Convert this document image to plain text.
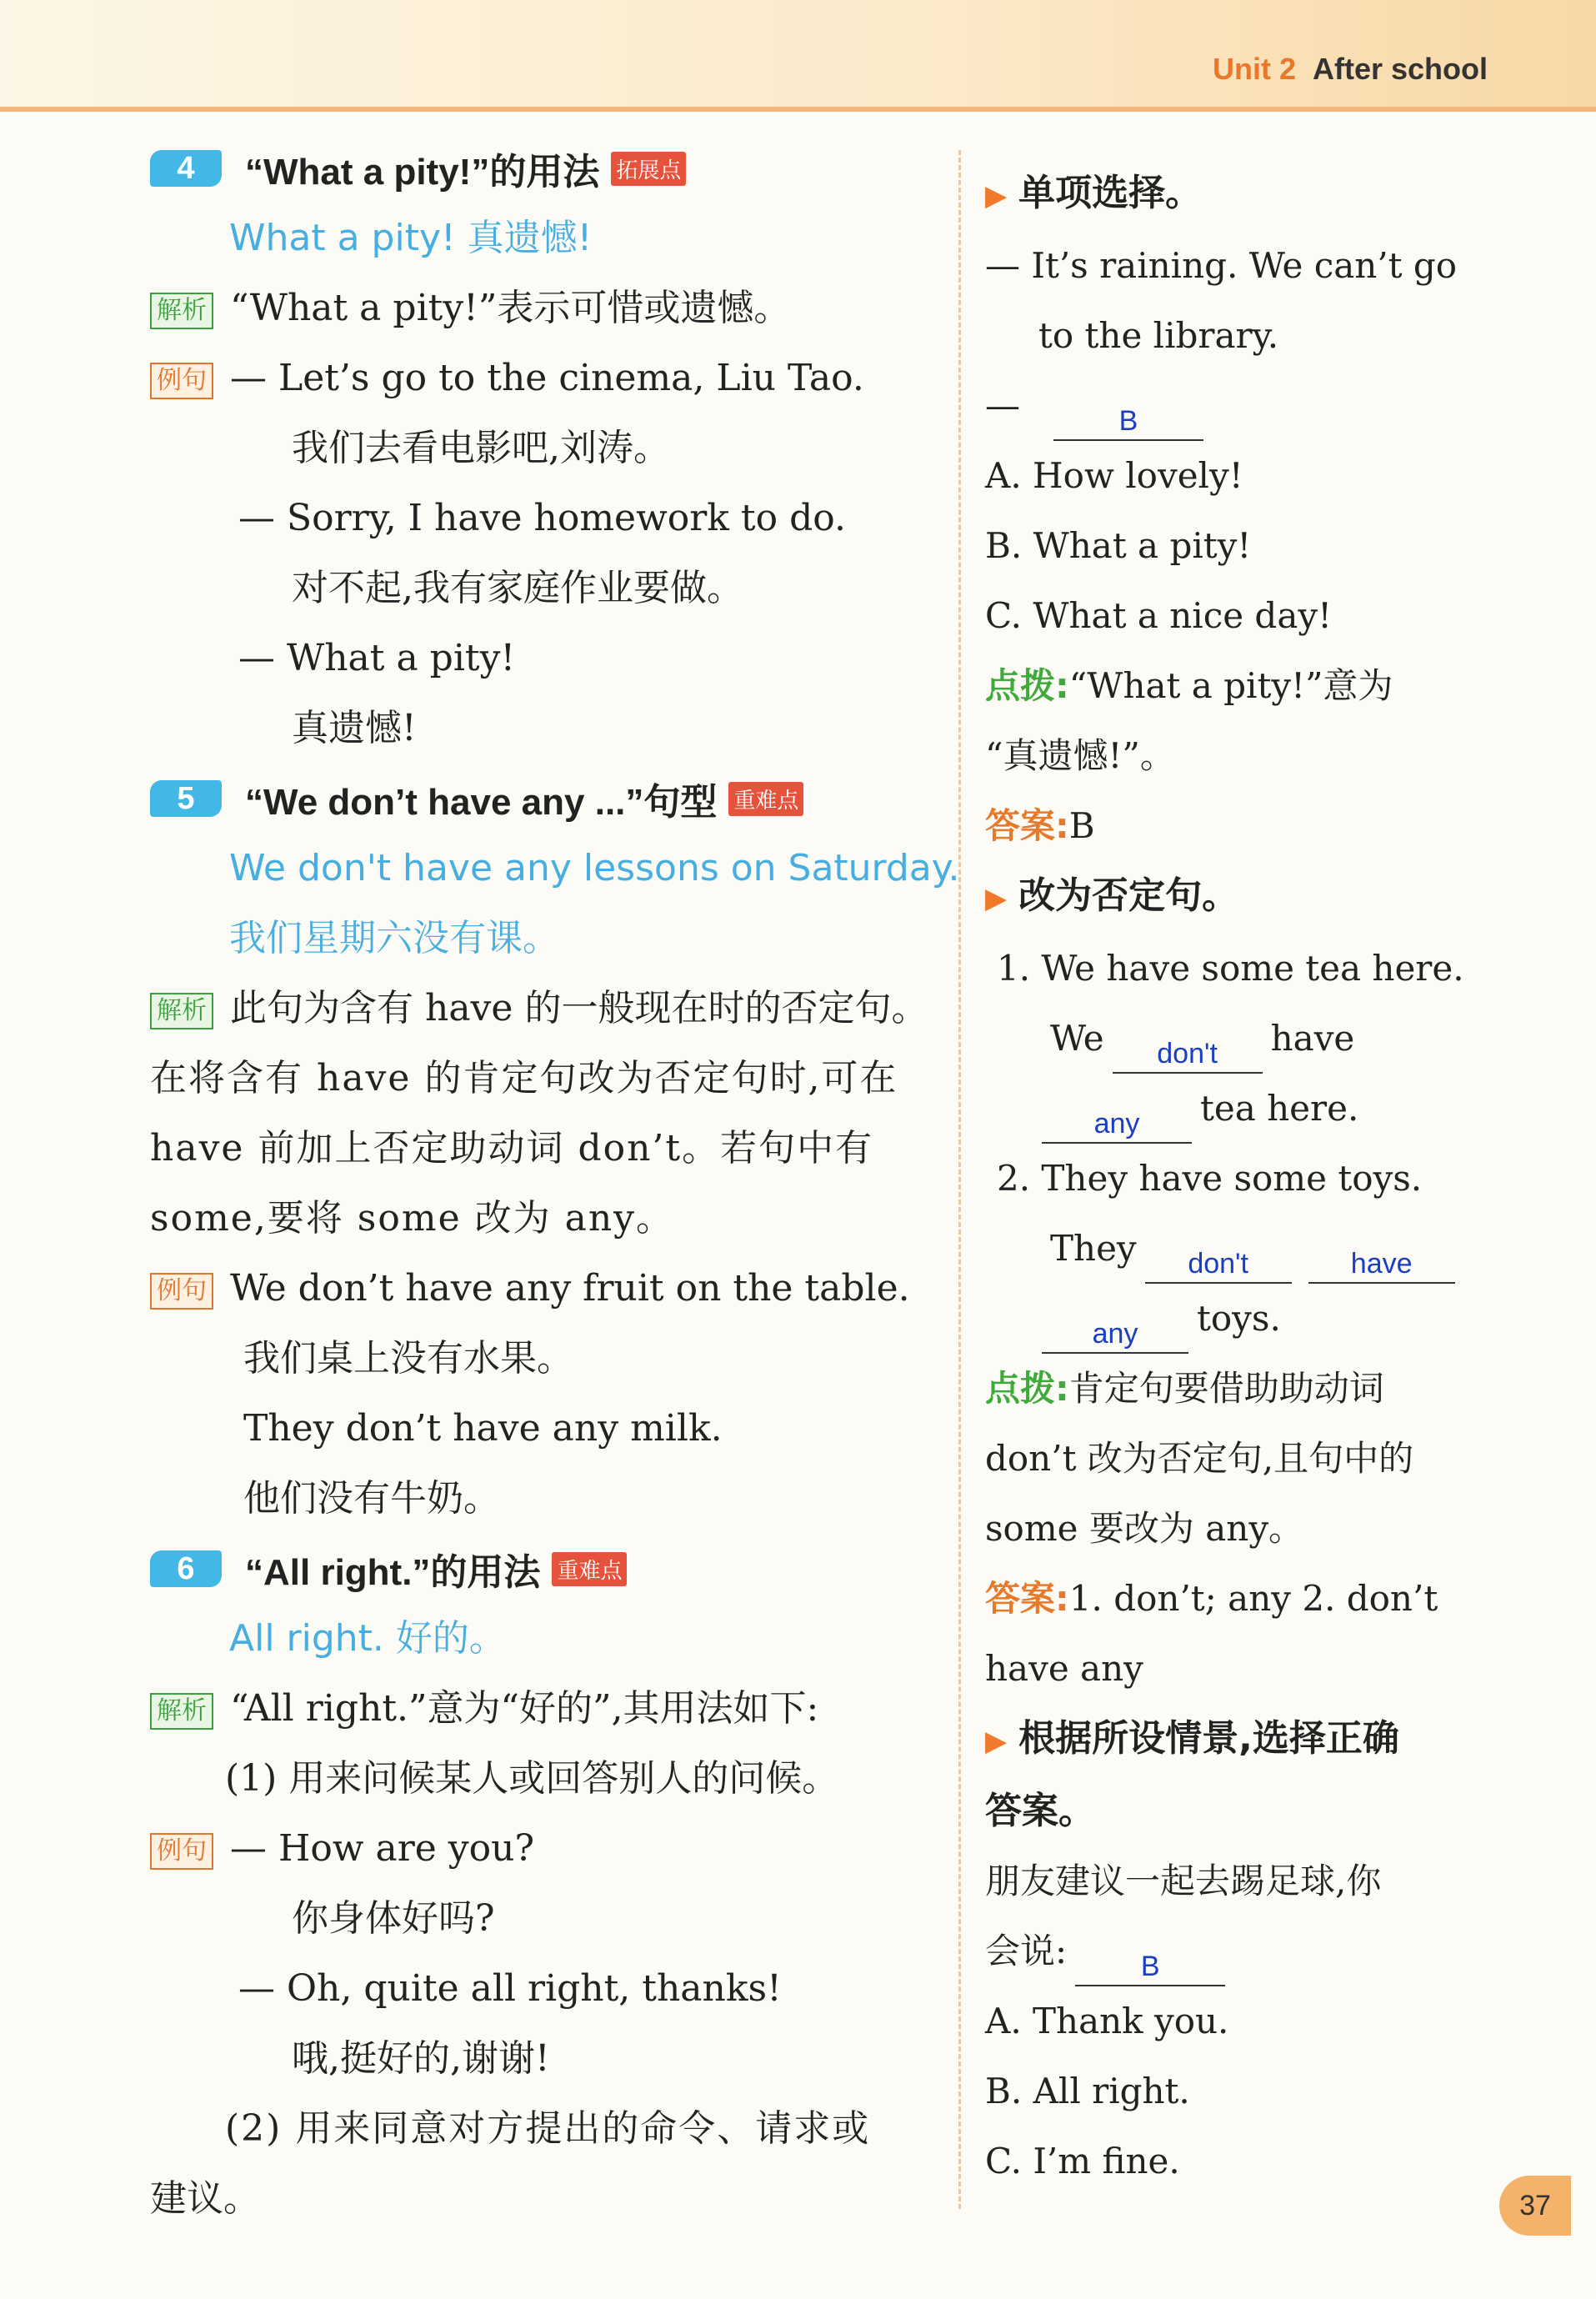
Unit 2 After school
4	“What a pity!”的用法 拓展点
What a pity! 真遗憾!
解析 “What a pity!”表示可惜或遗憾。
例句 — Let’s go to the cinema, Liu Tao.
我们去看电影吧,刘涛。
— Sorry, I have homework to do.
对不起,我有家庭作业要做。
— What a pity!
真遗憾!
5	“We don’t have any ...”句型 重难点
We don't have any lessons on Saturday.
我们星期六没有课。
解析 此句为含有 have 的一般现在时的否定句。
在将含有 have 的肯定句改为否定句时,可在
have 前加上否定助动词 don’t。若句中有
some,要将 some 改为 any。
例句 We don’t have any fruit on the table.
我们桌上没有水果。
They don’t have any milk.
他们没有牛奶。
6	“All right.”的用法 重难点
All right. 好的。
解析 “All right.”意为“好的”,其用法如下:
(1) 用来问候某人或回答别人的问候。
例句 — How are you?
你身体好吗?
— Oh, quite all right, thanks!
哦,挺好的,谢谢!
(2) 用来同意对方提出的命令、请求或
建议。
▶ 单项选择。
— It’s raining. We can’t go
to the library.
—	B
A. How lovely!
B. What a pity!
C. What a nice day!
点拨:“What a pity!”意为
“真遗憾!”。
答案:B
▶ 改为否定句。
1. We have some tea here.
We don't have
any tea here.
2. They have some toys.
They don't	have
any toys.
点拨:肯定句要借助助动词
don’t 改为否定句,且句中的
some 要改为 any。
答案:1. don’t; any 2. don’t
have any
▶ 根据所设情景,选择正确
答案。
朋友建议一起去踢足球,你
会说:	B
A. Thank you.
B. All right.
C. I’m fine.
37
